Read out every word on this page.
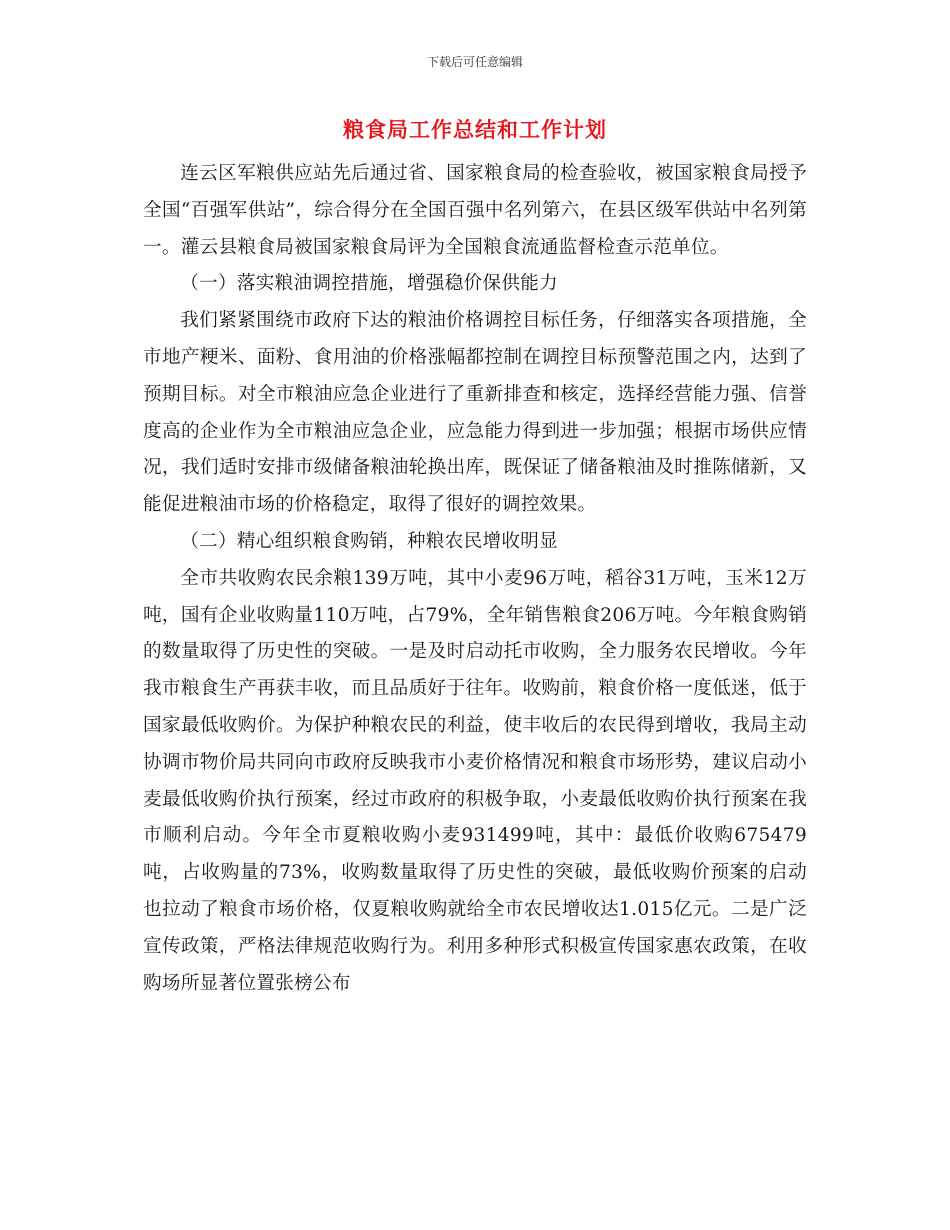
下载后可任意编辑
粮食局工作总结和工作计划

连云区军粮供应站先后通过省、国家粮食局的检查验收，被国家粮食局授予全国“百强军供站”，综合得分在全国百强中名列第六，在县区级军供站中名列第一。灌云县粮食局被国家粮食局评为全国粮食流通监督检查示范单位。

（一）落实粮油调控措施，增强稳价保供能力

我们紧紧围绕市政府下达的粮油价格调控目标任务，仔细落实各项措施，全市地产粳米、面粉、食用油的价格涨幅都控制在调控目标预警范围之内，达到了预期目标。对全市粮油应急企业进行了重新排查和核定，选择经营能力强、信誉度高的企业作为全市粮油应急企业，应急能力得到进一步加强；根据市场供应情况，我们适时安排市级储备粮油轮换出库，既保证了储备粮油及时推陈储新，又能促进粮油市场的价格稳定，取得了很好的调控效果。

（二）精心组织粮食购销，种粮农民增收明显

全市共收购农民余粮139万吨，其中小麦96万吨，稻谷31万吨，玉米12万吨，国有企业收购量110万吨，占79%，全年销售粮食206万吨。今年粮食购销的数量取得了历史性的突破。一是及时启动托市收购，全力服务农民增收。今年我市粮食生产再获丰收，而且品质好于往年。收购前，粮食价格一度低迷，低于国家最低收购价。为保护种粮农民的利益，使丰收后的农民得到增收，我局主动协调市物价局共同向市政府反映我市小麦价格情况和粮食市场形势，建议启动小麦最低收购价执行预案，经过市政府的积极争取，小麦最低收购价执行预案在我市顺利启动。今年全市夏粮收购小麦931499吨，其中：最低价收购675479吨，占收购量的73%，收购数量取得了历史性的突破，最低收购价预案的启动也拉动了粮食市场价格，仅夏粮收购就给全市农民增收达1.015亿元。二是广泛宣传政策，严格法律规范收购行为。利用多种形式积极宣传国家惠农政策，在收购场所显著位置张榜公布
